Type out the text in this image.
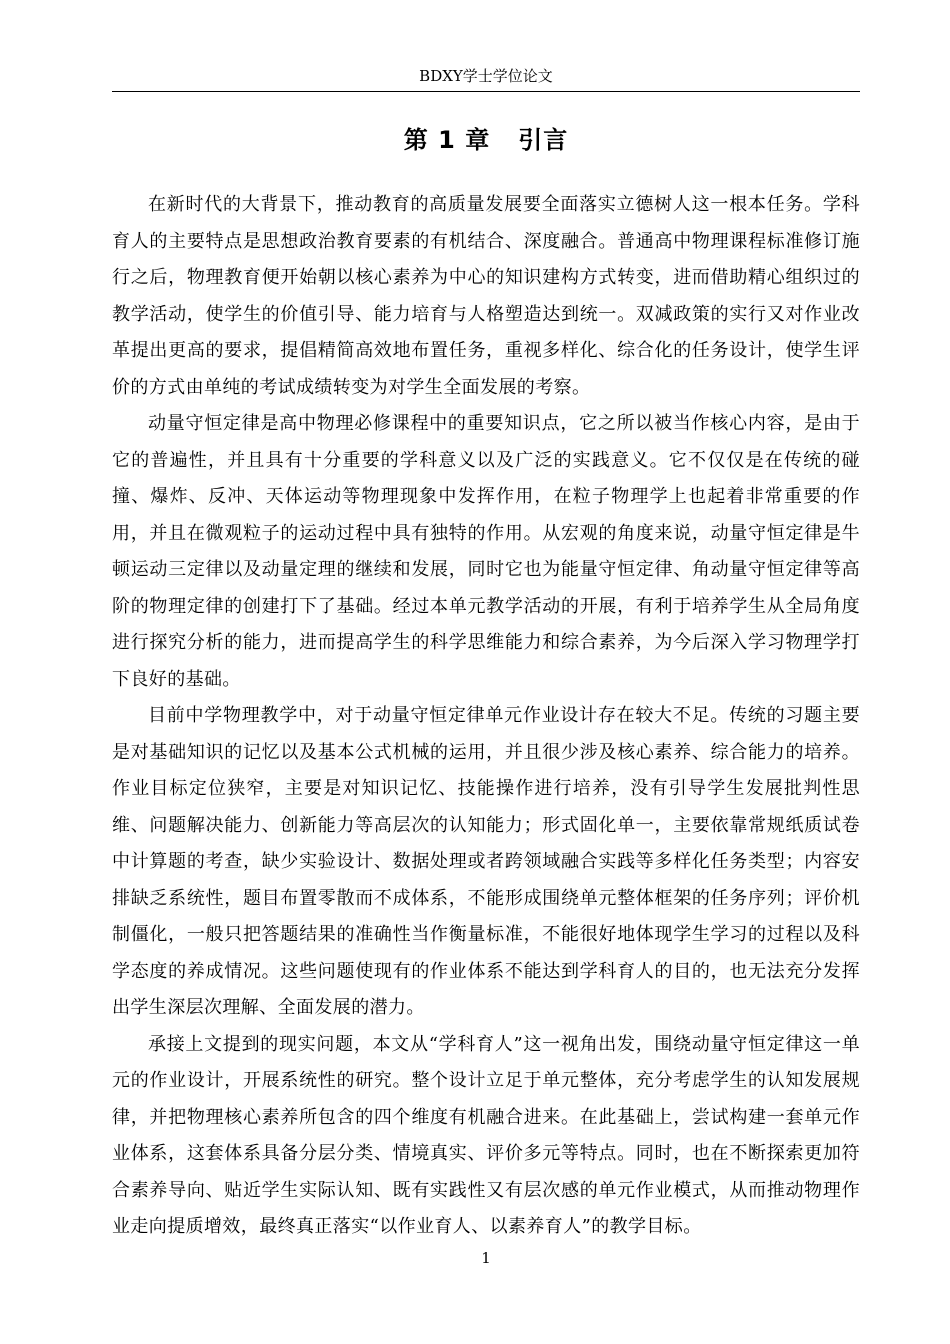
BDXY学士学位论文
第 1 章 引言

在新时代的大背景下，推动教育的高质量发展要全面落实立德树人这一根本任务。学科育人的主要特点是思想政治教育要素的有机结合、深度融合。普通高中物理课程标准修订施行之后，物理教育便开始朝以核心素养为中心的知识建构方式转变，进而借助精心组织过的教学活动，使学生的价值引导、能力培育与人格塑造达到统一。双减政策的实行又对作业改革提出更高的要求，提倡精简高效地布置任务，重视多样化、综合化的任务设计，使学生评价的方式由单纯的考试成绩转变为对学生全面发展的考察。

动量守恒定律是高中物理必修课程中的重要知识点，它之所以被当作核心内容，是由于它的普遍性，并且具有十分重要的学科意义以及广泛的实践意义。它不仅仅是在传统的碰撞、爆炸、反冲、天体运动等物理现象中发挥作用，在粒子物理学上也起着非常重要的作用，并且在微观粒子的运动过程中具有独特的作用。从宏观的角度来说，动量守恒定律是牛顿运动三定律以及动量定理的继续和发展，同时它也为能量守恒定律、角动量守恒定律等高阶的物理定律的创建打下了基础。经过本单元教学活动的开展，有利于培养学生从全局角度进行探究分析的能力，进而提高学生的科学思维能力和综合素养，为今后深入学习物理学打下良好的基础。

目前中学物理教学中，对于动量守恒定律单元作业设计存在较大不足。传统的习题主要是对基础知识的记忆以及基本公式机械的运用，并且很少涉及核心素养、综合能力的培养。作业目标定位狭窄，主要是对知识记忆、技能操作进行培养，没有引导学生发展批判性思维、问题解决能力、创新能力等高层次的认知能力；形式固化单一，主要依靠常规纸质试卷中计算题的考查，缺少实验设计、数据处理或者跨领域融合实践等多样化任务类型；内容安排缺乏系统性，题目布置零散而不成体系，不能形成围绕单元整体框架的任务序列；评价机制僵化，一般只把答题结果的准确性当作衡量标准，不能很好地体现学生学习的过程以及科学态度的养成情况。这些问题使现有的作业体系不能达到学科育人的目的，也无法充分发挥出学生深层次理解、全面发展的潜力。

承接上文提到的现实问题，本文从“学科育人”这一视角出发，围绕动量守恒定律这一单元的作业设计，开展系统性的研究。整个设计立足于单元整体，充分考虑学生的认知发展规律，并把物理核心素养所包含的四个维度有机融合进来。在此基础上，尝试构建一套单元作业体系，这套体系具备分层分类、情境真实、评价多元等特点。同时，也在不断探索更加符合素养导向、贴近学生实际认知、既有实践性又有层次感的单元作业模式，从而推动物理作业走向提质增效，最终真正落实“以作业育人、以素养育人”的教学目标。

1
